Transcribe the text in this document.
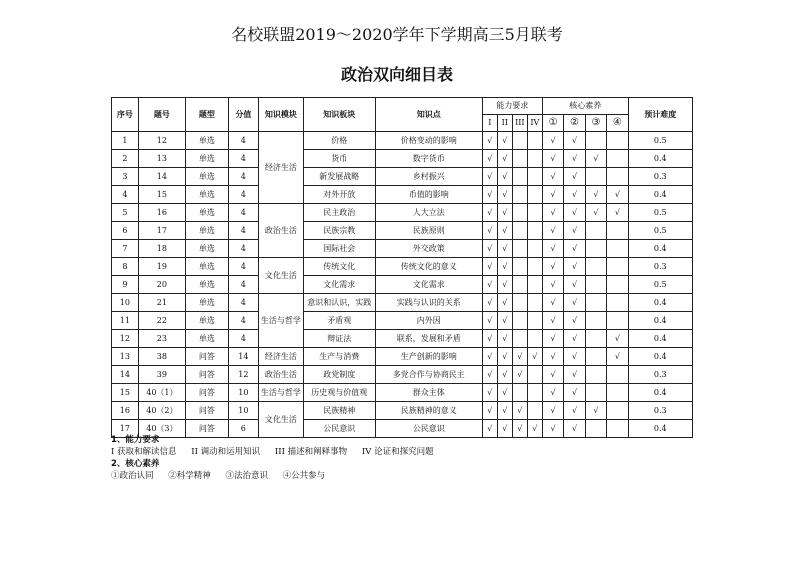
名校联盟2019～2020学年下学期高三5月联考
政治双向细目表
序号	题号	题型	分值	知识模块	知识板块	知识点	能力要求				核心素养				预计难度
							I	II	III	IV	①	②	③	④	
1	12	单选	4	经济生活	价格	价格变动的影响	√	√			√	√			0.5
2	13	单选	4		货币	数字货币	√	√			√	√	√		0.4
3	14	单选	4		新发展战略	乡村振兴	√	√			√	√			0.3
4	15	单选	4		对外开放	币值的影响	√	√			√	√	√	√	0.4
5	16	单选	4	政治生活	民主政治	人大立法	√	√			√	√	√	√	0.5
6	17	单选	4		民族宗教	民族原则	√	√			√	√			0.5
7	18	单选	4		国际社会	外交政策	√	√			√	√			0.4
8	19	单选	4	文化生活	传统文化	传统文化的意义	√	√			√	√			0.3
9	20	单选	4		文化需求	文化需求	√	√			√	√			0.5
10	21	单选	4	生活与哲学	意识和认识，实践	实践与认识的关系	√	√			√	√			0.4
11	22	单选	4		矛盾观	内外因	√	√			√	√			0.4
12	23	单选	4		辩证法	联系，发展和矛盾	√	√			√	√		√	0.4
13	38	问答	14	经济生活	生产与消费	生产创新的影响	√	√	√	√	√	√		√	0.4
14	39	问答	12	政治生活	政党制度	多党合作与协商民主	√	√	√		√	√			0.3
15	40（1）	问答	10	生活与哲学	历史观与价值观	群众主体	√	√			√	√			0.4
16	40（2）	问答	10	文化生活	民族精神	民族精神的意义	√	√	√		√	√	√		0.3
17	40（3）	问答	6		公民意识	公民意识	√	√	√	√	√	√			0.4
1、能力要求
I 获取和解读信息 II 调动和运用知识 III 描述和阐释事物 IV 论证和探究问题
2、核心素养
①政治认同 ②科学精神 ③法治意识 ④公共参与
